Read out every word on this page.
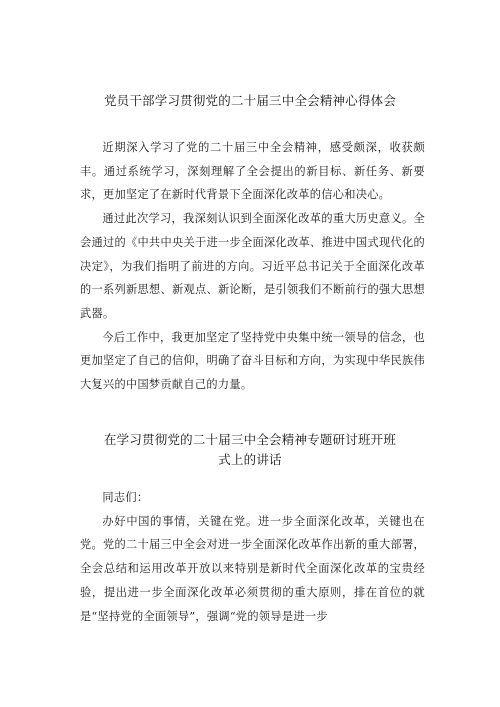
党员干部学习贯彻党的二十届三中全会精神心得体会

近期深入学习了党的二十届三中全会精神，感受颇深，收获颇丰。通过系统学习，深刻理解了全会提出的新目标、新任务、新要求，更加坚定了在新时代背景下全面深化改革的信心和决心。

通过此次学习，我深刻认识到全面深化改革的重大历史意义。全会通过的《中共中央关于进一步全面深化改革、推进中国式现代化的决定》，为我们指明了前进的方向。习近平总书记关于全面深化改革的一系列新思想、新观点、新论断，是引领我们不断前行的强大思想武器。

今后工作中，我更加坚定了坚持党中央集中统一领导的信念，也更加坚定了自己的信仰，明确了奋斗目标和方向，为实现中华民族伟大复兴的中国梦贡献自己的力量。

在学习贯彻党的二十届三中全会精神专题研讨班开班
式上的讲话

同志们：

办好中国的事情，关键在党。进一步全面深化改革，关键也在党。党的二十届三中全会对进一步全面深化改革作出新的重大部署，全会总结和运用改革开放以来特别是新时代全面深化改革的宝贵经验，提出进一步全面深化改革必须贯彻的重大原则，排在首位的就是“坚持党的全面领导”，强调“党的领导是进一步
